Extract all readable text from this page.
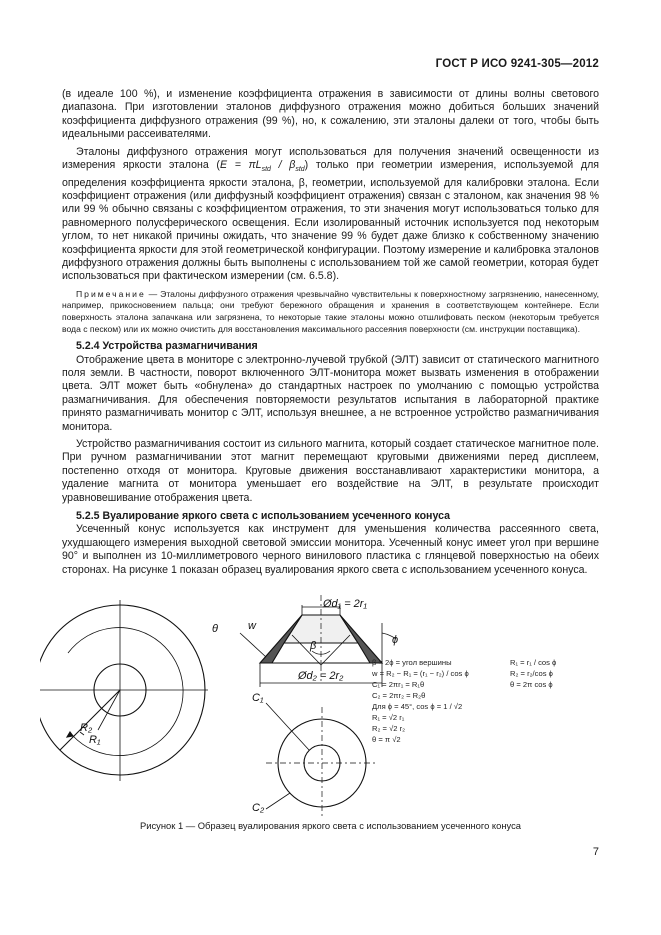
ГОСТ Р ИСО 9241-305—2012

(в идеале 100 %), и изменение коэффициента отражения в зависимости от длины волны светового диапазона. При изготовлении эталонов диффузного отражения можно добиться больших значений коэффициента диффузного отражения (99 %), но, к сожалению, эти эталоны далеки от того, чтобы быть идеальными рассеивателями.

Эталоны диффузного отражения могут использоваться для получения значений освещенности из измерения яркости эталона $(E = \pi L_{std} / \beta_{std})$ только при геометрии измерения, используемой для определения коэффициента яркости эталона, β, геометрии, используемой для калибровки эталона. Если коэффициент отражения (или диффузный коэффициент отражения) связан с эталоном, как значения 98 % или 99 % обычно связаны с коэффициентом отражения, то эти значения могут использоваться только для равномерного полусферического освещения. Если изолированный источник используется под некоторым углом, то нет никакой причины ожидать, что значение 99 % будет даже близко к собственному значению коэффициента яркости для этой геометрической конфигурации. Поэтому измерение и калибровка эталонов диффузного отражения должны быть выполнены с использованием той же самой геометрии, которая будет использоваться при фактическом измерении (см. 6.5.8).

Примечание — Эталоны диффузного отражения чрезвычайно чувствительны к поверхностному загрязнению, нанесенному, например, прикосновением пальца; они требуют бережного обращения и хранения в соответствующем контейнере. Если поверхность эталона запачкана или загрязнена, то некоторые такие эталоны можно отшлифовать песком (некоторым требуется вода с песком) или их можно очистить для восстановления максимального рассеяния поверхности (см. инструкции поставщика).

5.2.4 Устройства размагничивания

Отображение цвета в мониторе с электронно-лучевой трубкой (ЭЛТ) зависит от статического магнитного поля земли. В частности, поворот включенного ЭЛТ-монитора может вызвать изменения в отображении цвета. ЭЛТ может быть «обнулена» до стандартных настроек по умолчанию с помощью устройства размагничивания. Для обеспечения повторяемости результатов испытания в лабораторной практике принято размагничивать монитор с ЭЛТ, используя внешнее, а не встроенное устройство размагничивания монитора.

Устройство размагничивания состоит из сильного магнита, который создает статическое магнитное поле. При ручном размагничивании этот магнит перемещают круговыми движениями перед дисплеем, постепенно отходя от монитора. Круговые движения восстанавливают характеристики монитора, а удаление магнита от монитора уменьшает его воздействие на ЭЛТ, в результате происходит уравновешивание отображения цвета.

5.2.5 Вуалирование яркого света с использованием усеченного конуса

Усеченный конус используется как инструмент для уменьшения количества рассеянного света, ухудшающего измерения выходной световой эмиссии монитора. Усеченный конус имеет угол при вершине 90° и выполнен из 10-миллиметрового черного винилового пластика с глянцевой поверхностью на обеих сторонах. На рисунке 1 показан образец вуалирования яркого света с использованием усеченного конуса.

θ
R₂
R₁
Ød₁ = 2r₁
Ød₂ = 2r₂
w
β	ϕ
C₁
C₂
β = 2ϕ = угол вершины
w = R₂ − R₁ = (r₁ − r₂) / cos ϕ
C₁ = 2πr₁ = R₁θ
C₂ = 2πr₂ = R₂θ
Для ϕ = 45°, cos ϕ = 1 / √2
R₁ = √2 r₁
R₂ = √2 r₂
θ = π √2
R₁ = r₁ / cos ϕ
R₂ = r₂/cos ϕ
θ = 2π cos ϕ
Рисунок 1 — Образец вуалирования яркого света с использованием усеченного конуса
7
